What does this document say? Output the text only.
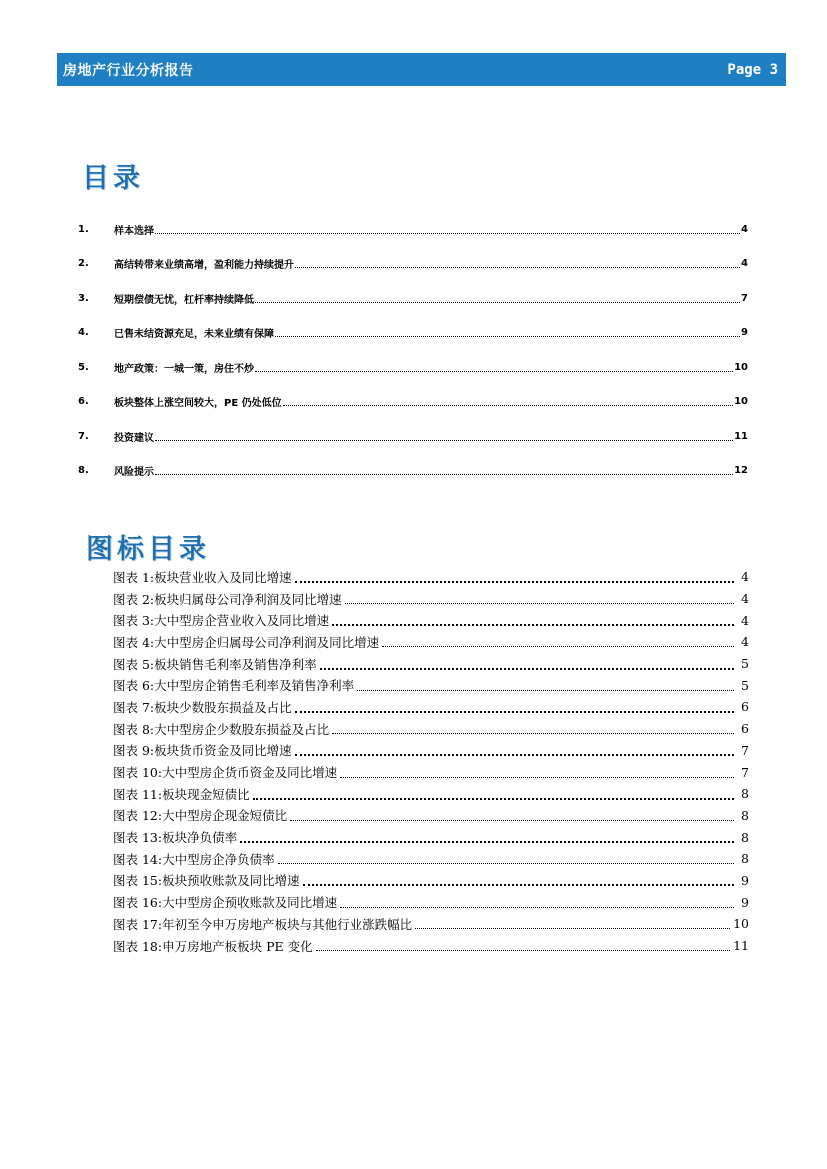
房地产行业分析报告	Page 3
目录
1.	样本选择	4
2.	高结转带来业绩高增，盈利能力持续提升	4
3.	短期偿债无忧，杠杆率持续降低	7
4.	已售未结资源充足，未来业绩有保障	9
5.	地产政策：一城一策，房住不炒	10
6.	板块整体上涨空间较大，PE 仍处低位	10
7.	投资建议	11
8.	风险提示	12
图标目录
图表 1:板块营业收入及同比增速	4
图表 2:板块归属母公司净利润及同比增速	4
图表 3:大中型房企营业收入及同比增速	4
图表 4:大中型房企归属母公司净利润及同比增速	4
图表 5:板块销售毛利率及销售净利率	5
图表 6:大中型房企销售毛利率及销售净利率	5
图表 7:板块少数股东损益及占比	6
图表 8:大中型房企少数股东损益及占比	6
图表 9:板块货币资金及同比增速	7
图表 10:大中型房企货币资金及同比增速	7
图表 11:板块现金短债比	8
图表 12:大中型房企现金短债比	8
图表 13:板块净负债率	8
图表 14:大中型房企净负债率	8
图表 15:板块预收账款及同比增速	9
图表 16:大中型房企预收账款及同比增速	9
图表 17:年初至今申万房地产板块与其他行业涨跌幅比	10
图表 18:申万房地产板板块 PE 变化	11
